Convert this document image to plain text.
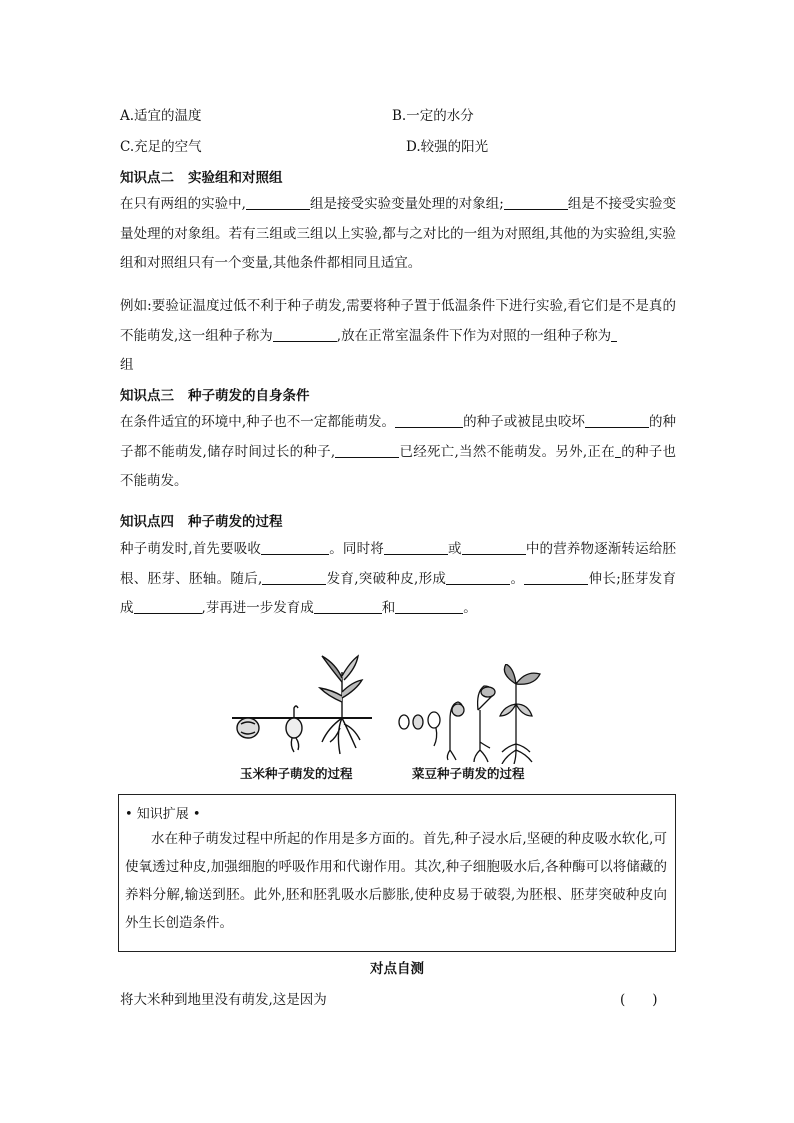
A.适宜的温度	B.一定的水分
C.充足的空气	D.较强的阳光
知识点二 实验组和对照组
在只有两组的实验中,	组是接受实验变量处理的对象组;	组是不接受实验变量处理的对象组。若有三组或三组以上实验,都与之对比的一组为对照组,其他的为实验组,实验组和对照组只有一个变量,其他条件都相同且适宜。
例如:要验证温度过低不利于种子萌发,需要将种子置于低温条件下进行实验,看它们是不是真的不能萌发,这一组种子称为	,放在正常室温条件下作为对照的一组种子称为
组
知识点三 种子萌发的自身条件
在条件适宜的环境中,种子也不一定都能萌发。	的种子或被昆虫咬坏	的种子都不能萌发,储存时间过长的种子,	已经死亡,当然不能萌发。另外,正在 的种子也不能萌发。
知识点四 种子萌发的过程
种子萌发时,首先要吸收	。同时将	或	中的营养物逐渐转运给胚根、胚芽、胚轴。随后,	发育,突破种皮,形成	。	伸长;胚芽发育成	,芽再进一步发育成	和	。
玉米种子萌发的过程	菜豆种子萌发的过程
• 知识扩展 •
水在种子萌发过程中所起的作用是多方面的。首先,种子浸水后,坚硬的种皮吸水软化,可使氧透过种皮,加强细胞的呼吸作用和代谢作用。其次,种子细胞吸水后,各种酶可以将储藏的养料分解,输送到胚。此外,胚和胚乳吸水后膨胀,使种皮易于破裂,为胚根、胚芽突破种皮向外生长创造条件。
对点自测
将大米种到地里没有萌发,这是因为	(　　)
